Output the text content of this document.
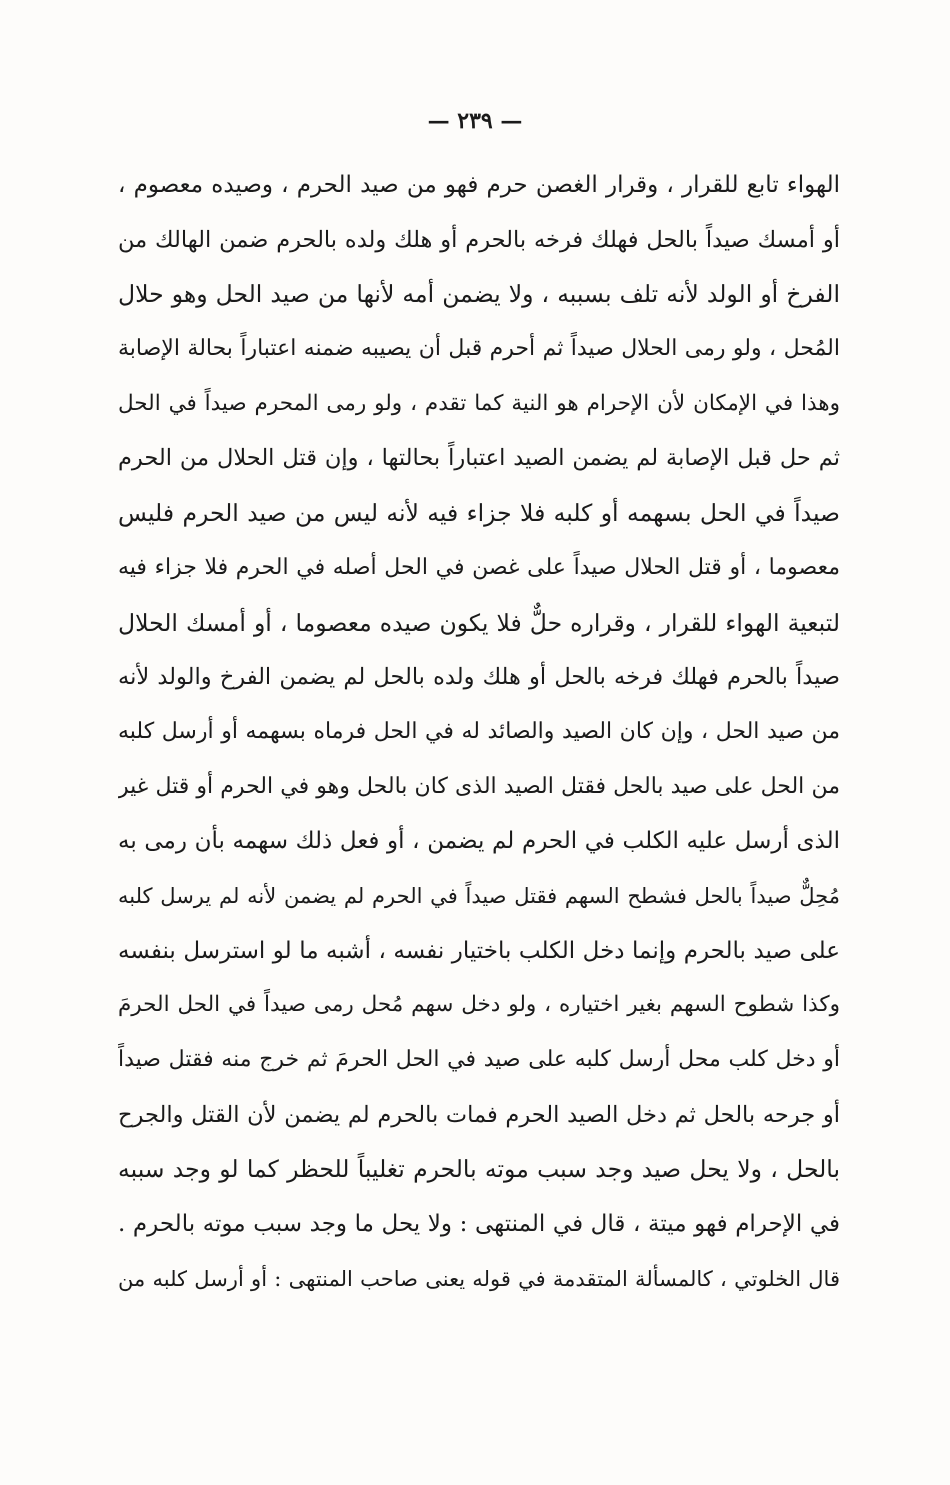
— ٢٣٩ —
الهواء تابع للقرار ، وقرار الغصن حرم فهو من صيد الحرم ، وصيده معصوم ،
أو أمسك صيداً بالحل فهلك فرخه بالحرم أو هلك ولده بالحرم ضمن الهالك من
الفرخ أو الولد لأنه تلف بسببه ، ولا يضمن أمه لأنها من صيد الحل وهو حلال
المُحل ، ولو رمى الحلال صيداً ثم أحرم قبل أن يصيبه ضمنه اعتباراً بحالة الإصابة
وهذا في الإمكان لأن الإحرام هو النية كما تقدم ، ولو رمى المحرم صيداً في الحل
ثم حل قبل الإصابة لم يضمن الصيد اعتباراً بحالتها ، وإن قتل الحلال من الحرم
صيداً في الحل بسهمه أو كلبه فلا جزاء فيه لأنه ليس من صيد الحرم فليس
معصوما ، أو قتل الحلال صيداً على غصن في الحل أصله في الحرم فلا جزاء فيه
لتبعية الهواء للقرار ، وقراره حلٌّ فلا يكون صيده معصوما ، أو أمسك الحلال
صيداً بالحرم فهلك فرخه بالحل أو هلك ولده بالحل لم يضمن الفرخ والولد لأنه
من صيد الحل ، وإن كان الصيد والصائد له في الحل فرماه بسهمه أو أرسل كلبه
من الحل على صيد بالحل فقتل الصيد الذى كان بالحل وهو في الحرم أو قتل غير
الذى أرسل عليه الكلب في الحرم لم يضمن ، أو فعل ذلك سهمه بأن رمى به
مُحِلٌّ صيداً بالحل فشطح السهم فقتل صيداً في الحرم لم يضمن لأنه لم يرسل كلبه
على صيد بالحرم وإنما دخل الكلب باختيار نفسه ، أشبه ما لو استرسل بنفسه
وكذا شطوح السهم بغير اختياره ، ولو دخل سهم مُحل رمى صيداً في الحل الحرمَ
أو دخل كلب محل أرسل كلبه على صيد في الحل الحرمَ ثم خرج منه فقتل صيداً
أو جرحه بالحل ثم دخل الصيد الحرم فمات بالحرم لم يضمن لأن القتل والجرح
بالحل ، ولا يحل صيد وجد سبب موته بالحرم تغليباً للحظر كما لو وجد سببه
في الإحرام فهو ميتة ، قال في المنتهى : ولا يحل ما وجد سبب موته بالحرم .
قال الخلوتي ، كالمسألة المتقدمة في قوله يعنى صاحب المنتهى : أو أرسل كلبه من
